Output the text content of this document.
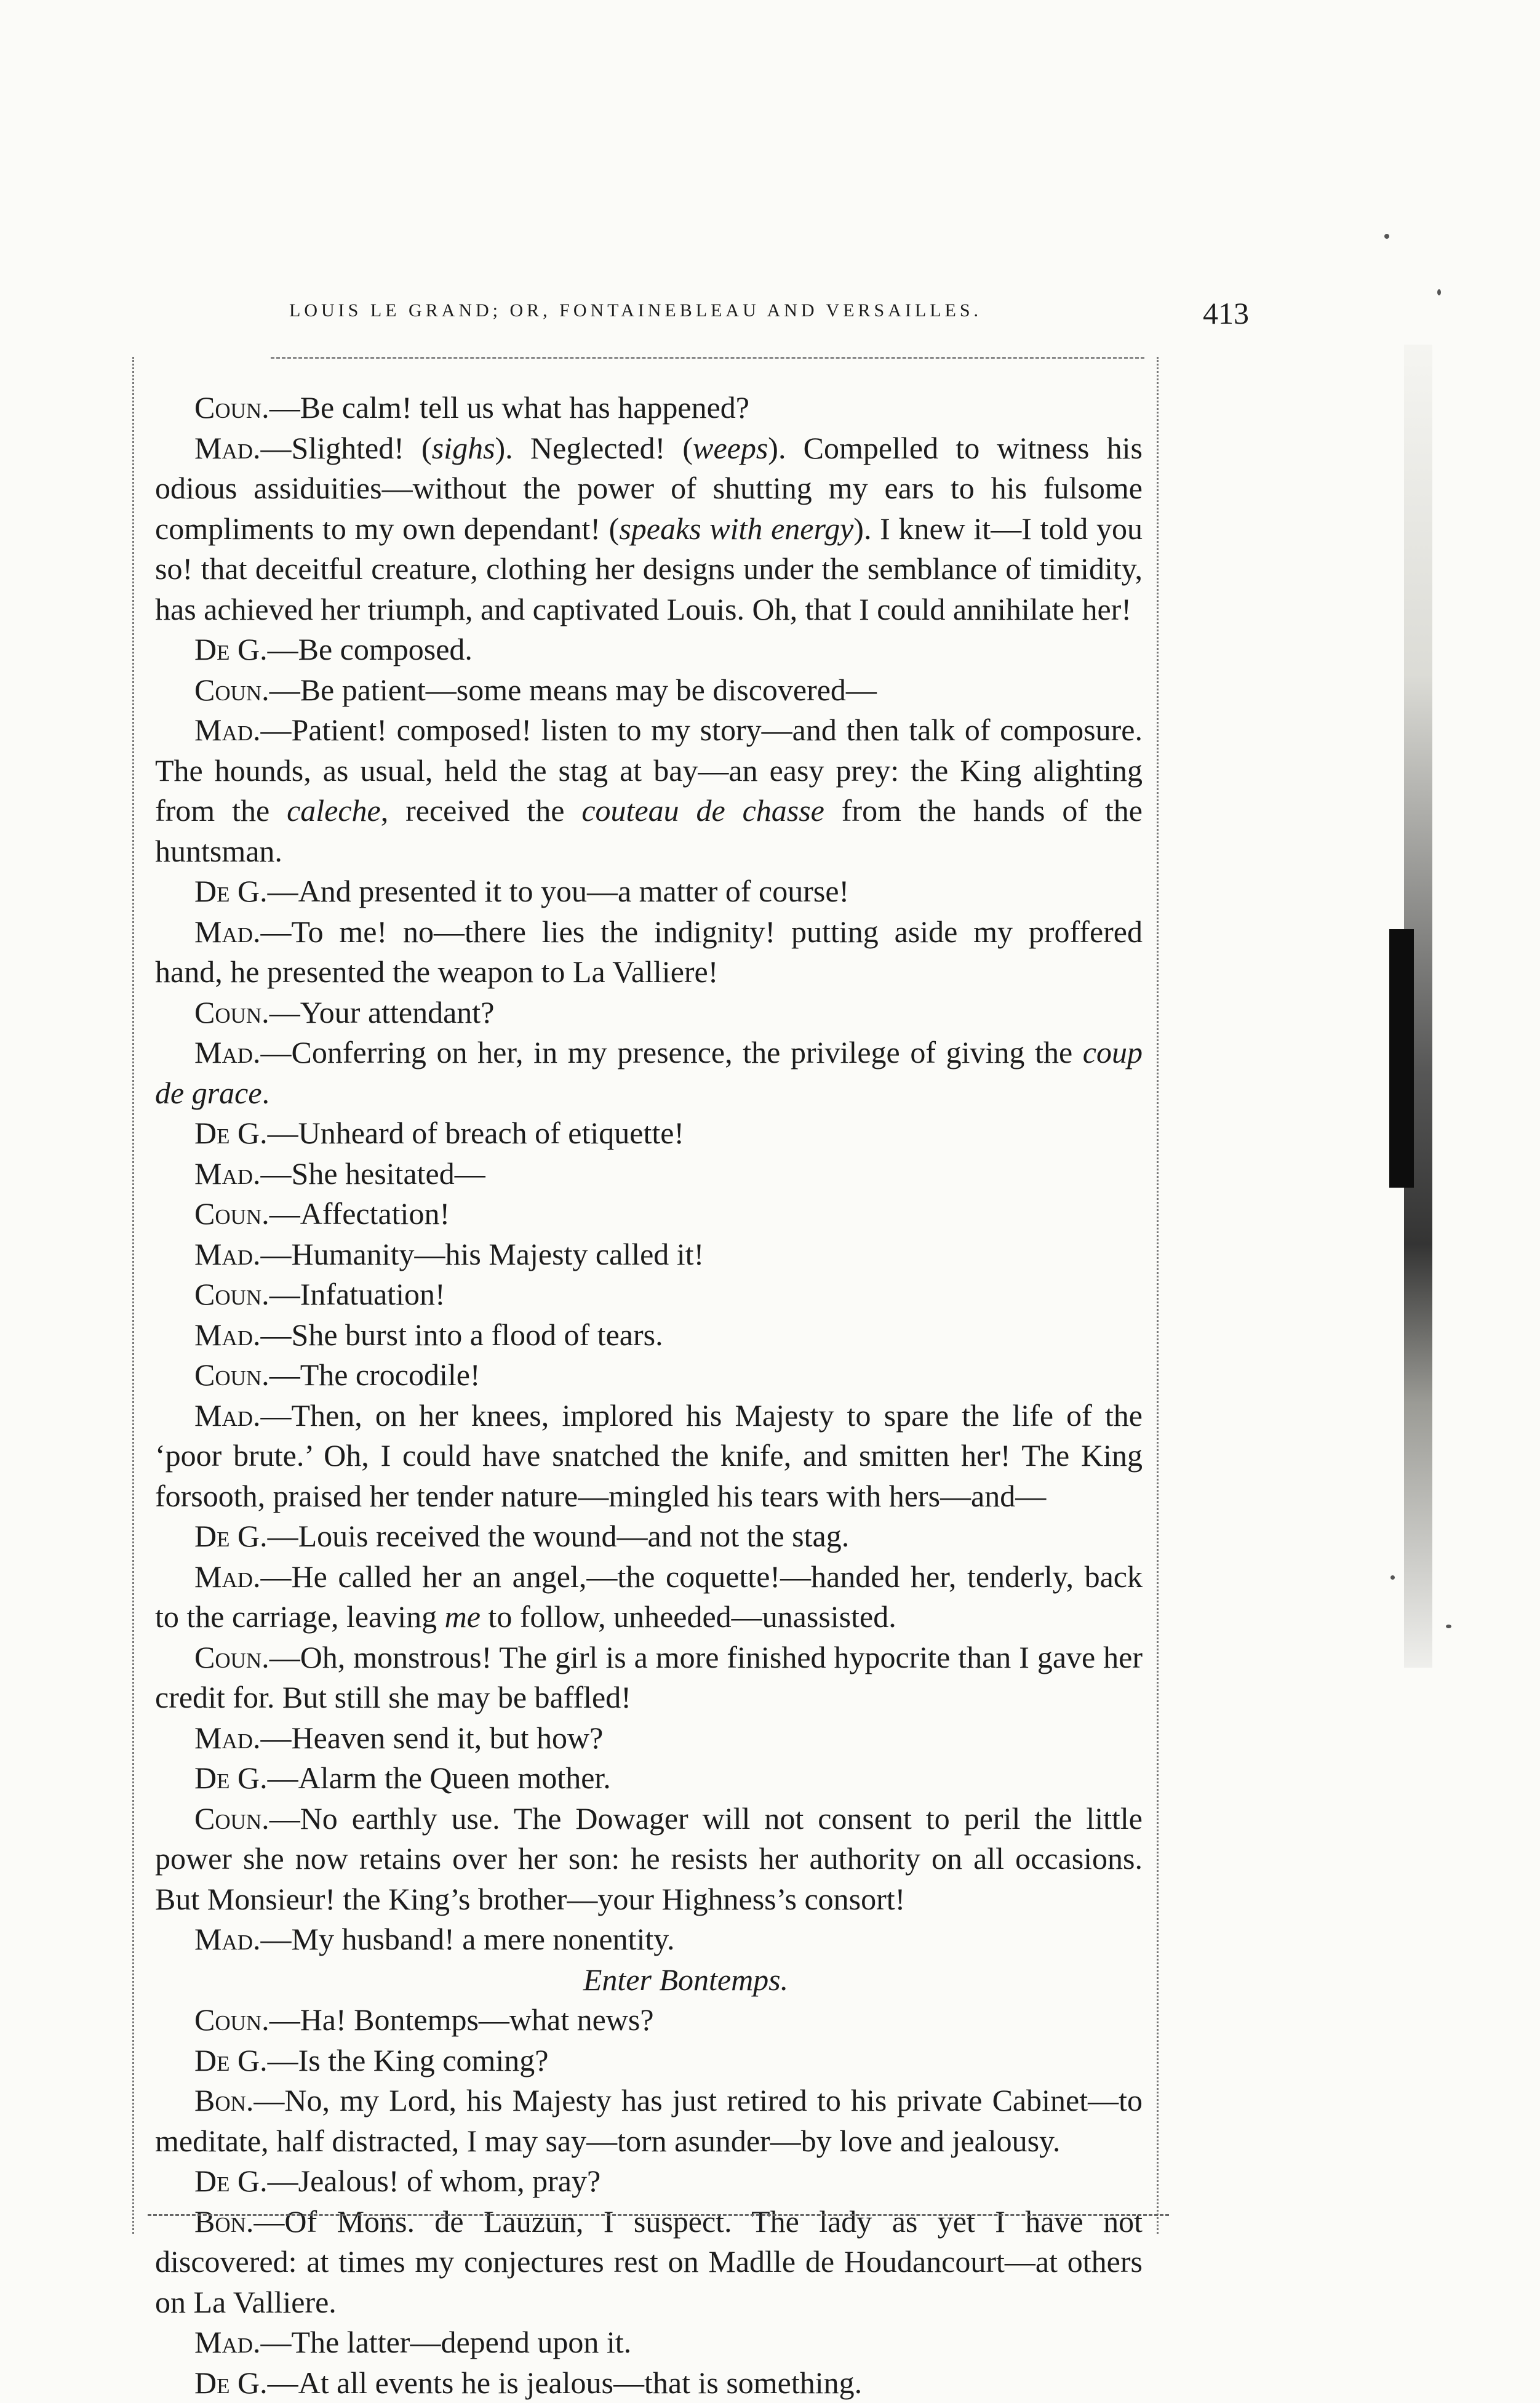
LOUIS LE GRAND; OR, FONTAINEBLEAU AND VERSAILLES.	413

Coun.—Be calm! tell us what has happened?

Mad.—Slighted! (sighs). Neglected! (weeps). Compelled to witness his odious assiduities—without the power of shutting my ears to his fulsome compliments to my own dependant! (speaks with energy). I knew it—I told you so! that deceitful creature, clothing her designs under the semblance of timidity, has achieved her triumph, and captivated Louis. Oh, that I could annihilate her!

De G.—Be composed.

Coun.—Be patient—some means may be discovered—

Mad.—Patient! composed! listen to my story—and then talk of composure. The hounds, as usual, held the stag at bay—an easy prey: the King alighting from the caleche, received the couteau de chasse from the hands of the huntsman.

De G.—And presented it to you—a matter of course!

Mad.—To me! no—there lies the indignity! putting aside my proffered hand, he presented the weapon to La Valliere!

Coun.—Your attendant?

Mad.—Conferring on her, in my presence, the privilege of giving the coup de grace.

De G.—Unheard of breach of etiquette!

Mad.—She hesitated—

Coun.—Affectation!

Mad.—Humanity—his Majesty called it!

Coun.—Infatuation!

Mad.—She burst into a flood of tears.

Coun.—The crocodile!

Mad.—Then, on her knees, implored his Majesty to spare the life of the ‘poor brute.’ Oh, I could have snatched the knife, and smitten her! The King forsooth, praised her tender nature—mingled his tears with hers—and—

De G.—Louis received the wound—and not the stag.

Mad.—He called her an angel,—the coquette!—handed her, tenderly, back to the carriage, leaving me to follow, unheeded—unassisted.

Coun.—Oh, monstrous! The girl is a more finished hypocrite than I gave her credit for. But still she may be baffled!

Mad.—Heaven send it, but how?

De G.—Alarm the Queen mother.

Coun.—No earthly use. The Dowager will not consent to peril the little power she now retains over her son: he resists her authority on all occasions. But Monsieur! the King’s brother—your Highness’s consort!

Mad.—My husband! a mere nonentity.

Enter Bontemps.

Coun.—Ha! Bontemps—what news?

De G.—Is the King coming?

Bon.—No, my Lord, his Majesty has just retired to his private Cabinet—to meditate, half distracted, I may say—torn asunder—by love and jealousy.

De G.—Jealous! of whom, pray?

Bon.—Of Mons. de Lauzun, I suspect. The lady as yet I have not discovered: at times my conjectures rest on Madlle de Houdancourt—at others on La Valliere.

Mad.—The latter—depend upon it.

De G.—At all events he is jealous—that is something.
